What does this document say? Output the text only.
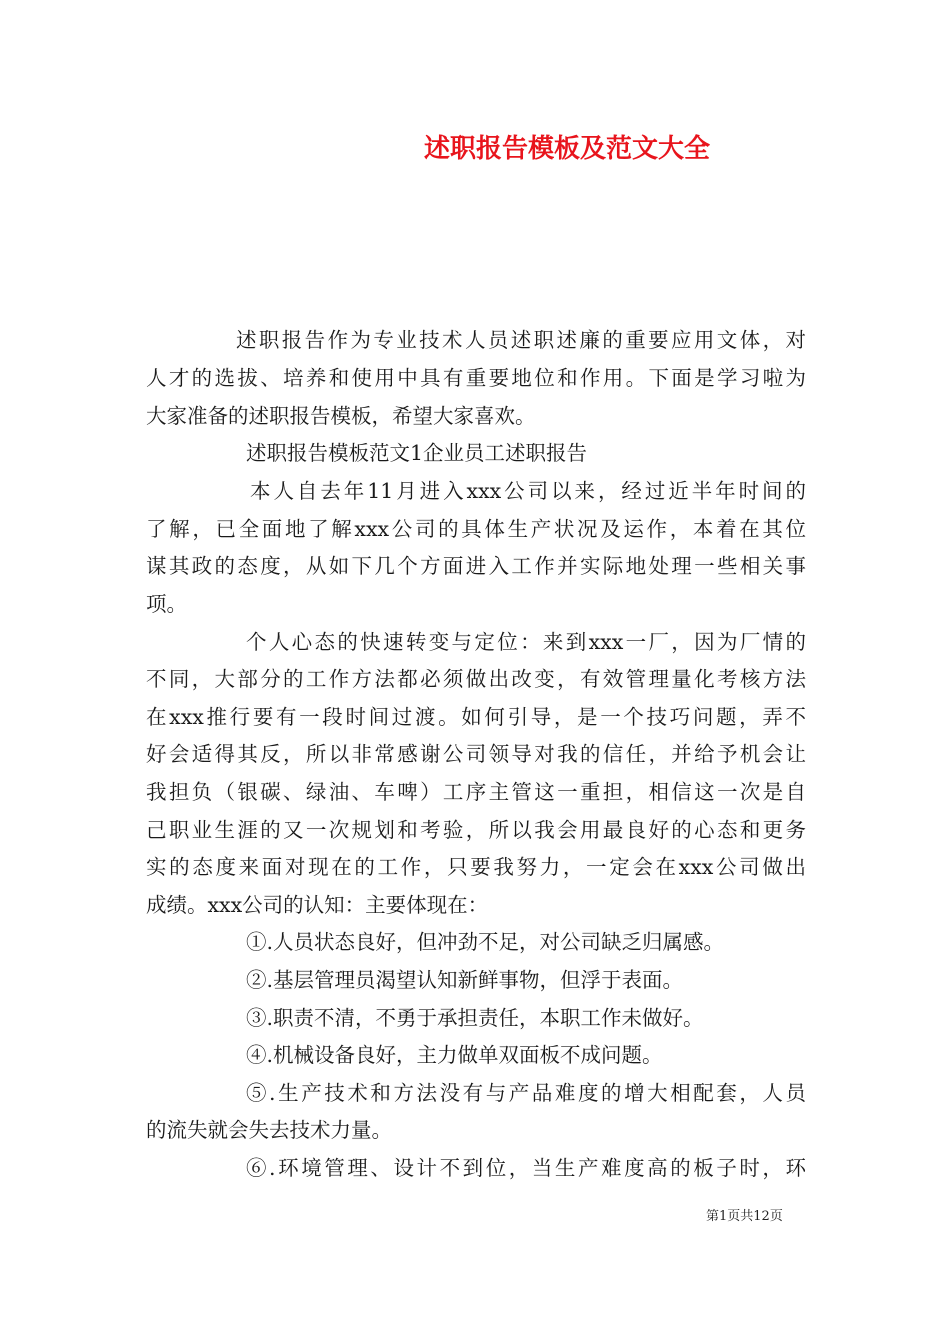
述职报告模板及范文大全
述职报告作为专业技术人员述职述廉的重要应用文体，对
人才的选拔、培养和使用中具有重要地位和作用。下面是学习啦为
大家准备的述职报告模板，希望大家喜欢。
述职报告模板范文1企业员工述职报告
本人自去年11月进入xxx公司以来，经过近半年时间的
了解，已全面地了解xxx公司的具体生产状况及运作，本着在其位
谋其政的态度，从如下几个方面进入工作并实际地处理一些相关事
项。
个人心态的快速转变与定位：来到xxx一厂，因为厂情的
不同，大部分的工作方法都必须做出改变，有效管理量化考核方法
在xxx推行要有一段时间过渡。如何引导，是一个技巧问题，弄不
好会适得其反，所以非常感谢公司领导对我的信任，并给予机会让
我担负（银碳、绿油、车啤）工序主管这一重担，相信这一次是自
己职业生涯的又一次规划和考验，所以我会用最良好的心态和更务
实的态度来面对现在的工作，只要我努力，一定会在xxx公司做出
成绩。xxx公司的认知：主要体现在：
①.人员状态良好，但冲劲不足，对公司缺乏归属感。
②.基层管理员渴望认知新鲜事物，但浮于表面。
③.职责不清，不勇于承担责任，本职工作未做好。
④.机械设备良好，主力做单双面板不成问题。
⑤.生产技术和方法没有与产品难度的增大相配套，人员
的流失就会失去技术力量。
⑥.环境管理、设计不到位，当生产难度高的板子时，环
第1页共12页
